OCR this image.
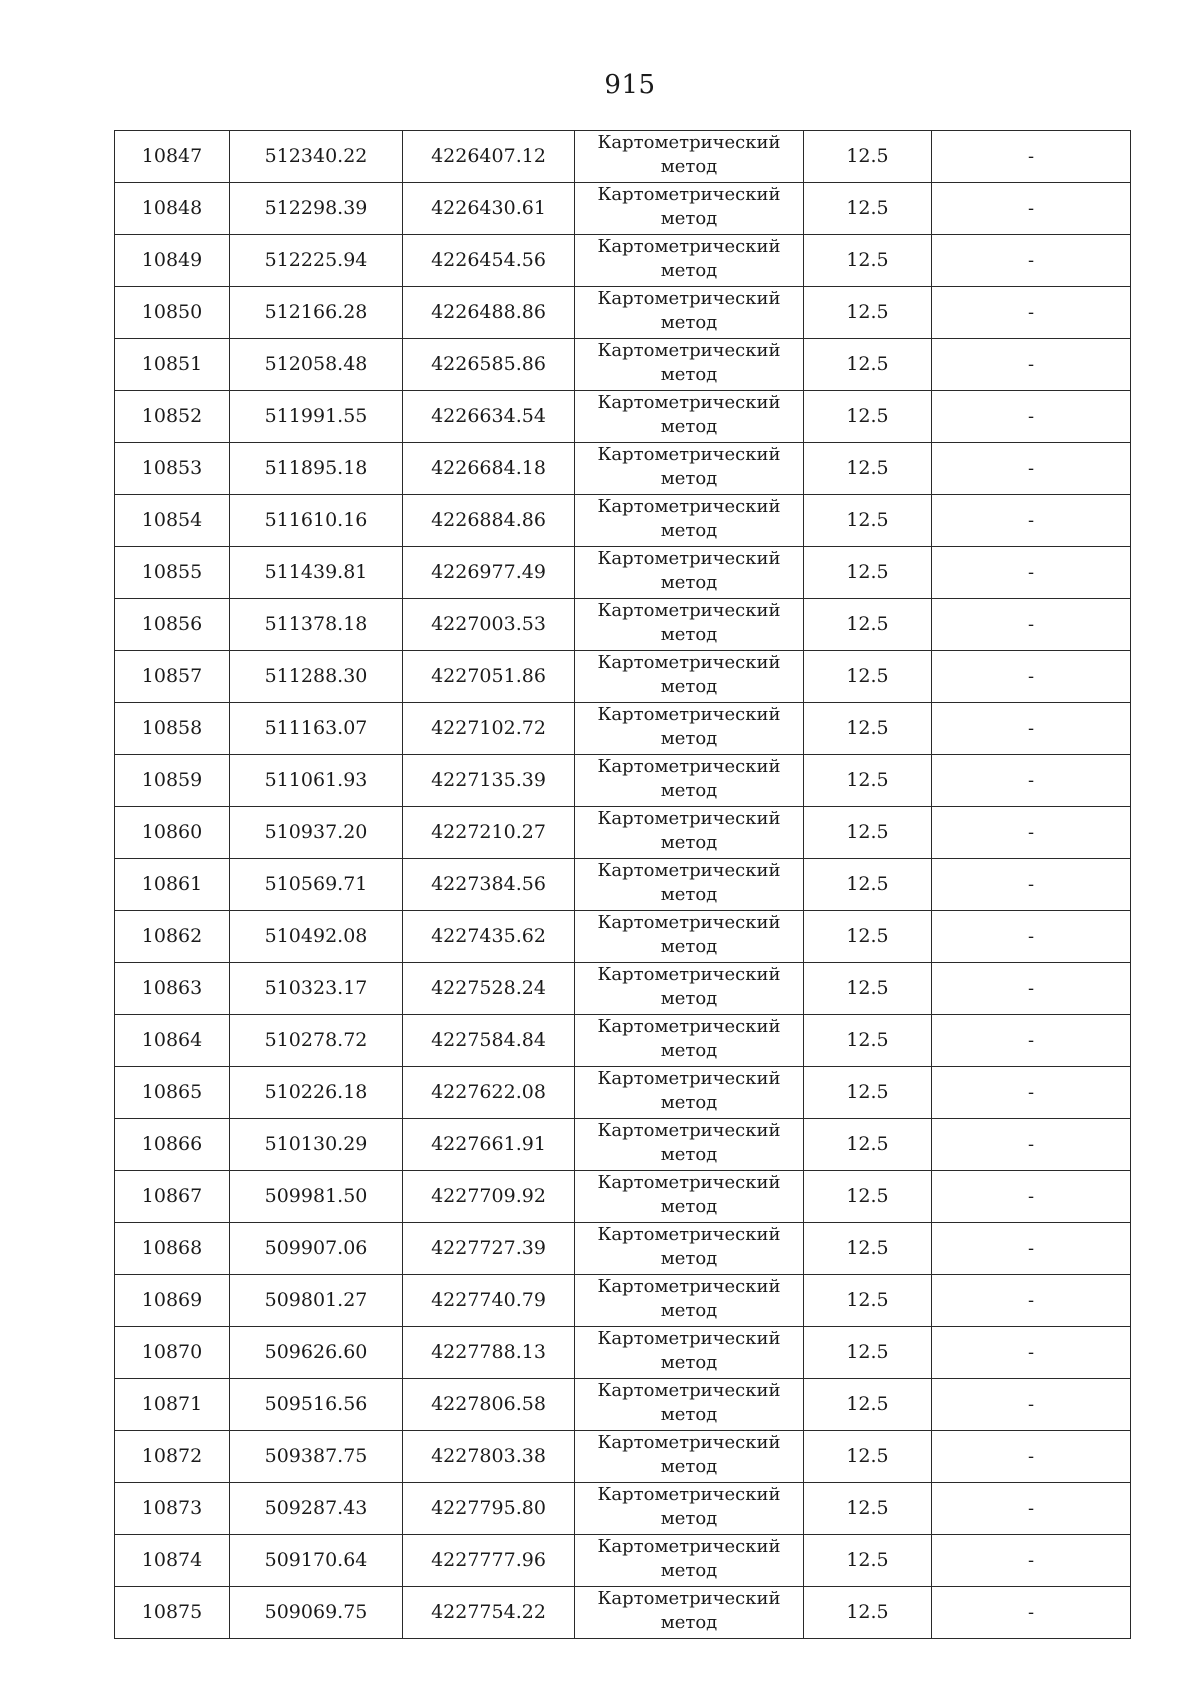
915
10847	512340.22	4226407.12	Картометрический
метод	12.5	-
10848	512298.39	4226430.61	Картометрический
метод	12.5	-
10849	512225.94	4226454.56	Картометрический
метод	12.5	-
10850	512166.28	4226488.86	Картометрический
метод	12.5	-
10851	512058.48	4226585.86	Картометрический
метод	12.5	-
10852	511991.55	4226634.54	Картометрический
метод	12.5	-
10853	511895.18	4226684.18	Картометрический
метод	12.5	-
10854	511610.16	4226884.86	Картометрический
метод	12.5	-
10855	511439.81	4226977.49	Картометрический
метод	12.5	-
10856	511378.18	4227003.53	Картометрический
метод	12.5	-
10857	511288.30	4227051.86	Картометрический
метод	12.5	-
10858	511163.07	4227102.72	Картометрический
метод	12.5	-
10859	511061.93	4227135.39	Картометрический
метод	12.5	-
10860	510937.20	4227210.27	Картометрический
метод	12.5	-
10861	510569.71	4227384.56	Картометрический
метод	12.5	-
10862	510492.08	4227435.62	Картометрический
метод	12.5	-
10863	510323.17	4227528.24	Картометрический
метод	12.5	-
10864	510278.72	4227584.84	Картометрический
метод	12.5	-
10865	510226.18	4227622.08	Картометрический
метод	12.5	-
10866	510130.29	4227661.91	Картометрический
метод	12.5	-
10867	509981.50	4227709.92	Картометрический
метод	12.5	-
10868	509907.06	4227727.39	Картометрический
метод	12.5	-
10869	509801.27	4227740.79	Картометрический
метод	12.5	-
10870	509626.60	4227788.13	Картометрический
метод	12.5	-
10871	509516.56	4227806.58	Картометрический
метод	12.5	-
10872	509387.75	4227803.38	Картометрический
метод	12.5	-
10873	509287.43	4227795.80	Картометрический
метод	12.5	-
10874	509170.64	4227777.96	Картометрический
метод	12.5	-
10875	509069.75	4227754.22	Картометрический
метод	12.5	-
